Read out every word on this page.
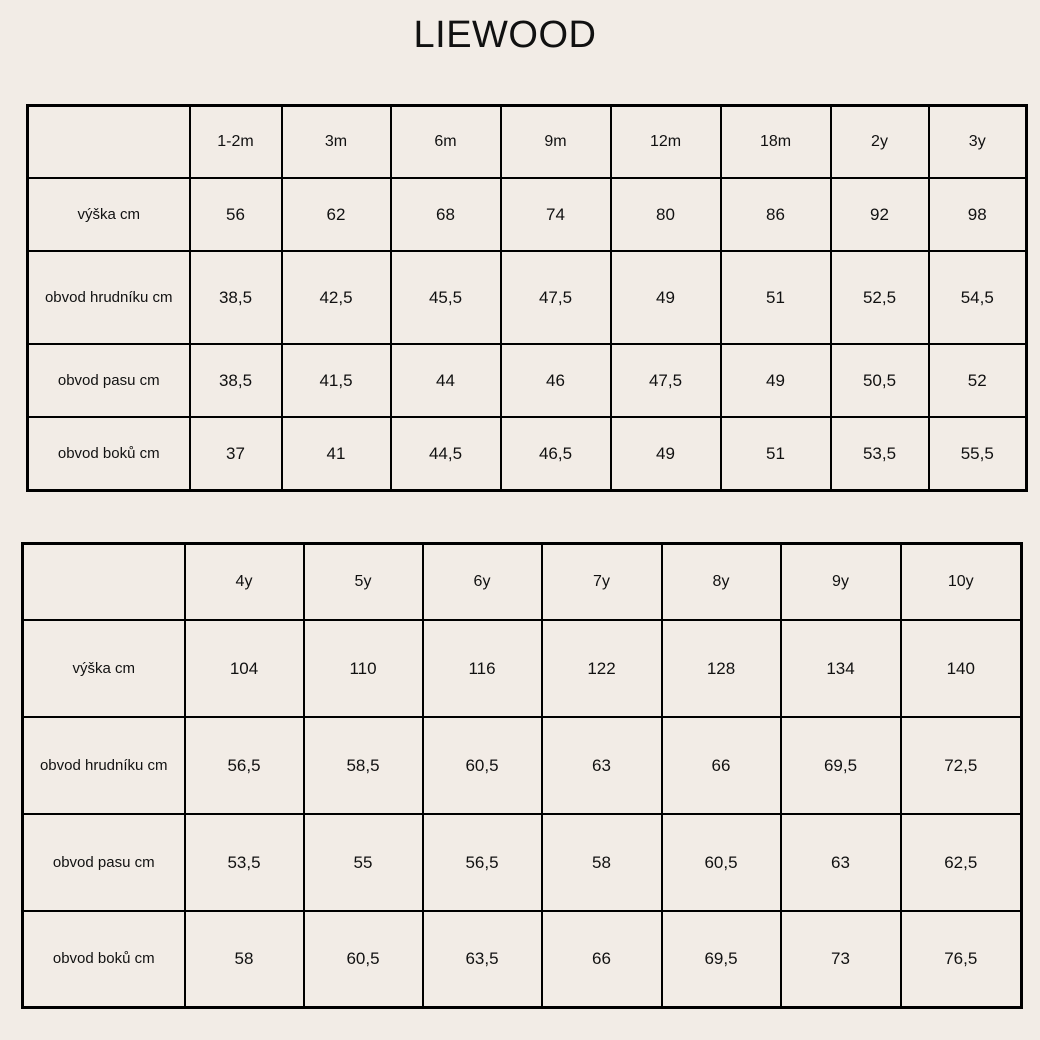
LIEWOOD
	1-2m	3m	6m	9m	12m	18m	2y	3y
výška cm	56	62	68	74	80	86	92	98
obvod hrudníku cm	38,5	42,5	45,5	47,5	49	51	52,5	54,5
obvod pasu cm	38,5	41,5	44	46	47,5	49	50,5	52
obvod boků cm	37	41	44,5	46,5	49	51	53,5	55,5
	4y	5y	6y	7y	8y	9y	10y
výška cm	104	110	116	122	128	134	140
obvod hrudníku cm	56,5	58,5	60,5	63	66	69,5	72,5
obvod pasu cm	53,5	55	56,5	58	60,5	63	62,5
obvod boků cm	58	60,5	63,5	66	69,5	73	76,5
